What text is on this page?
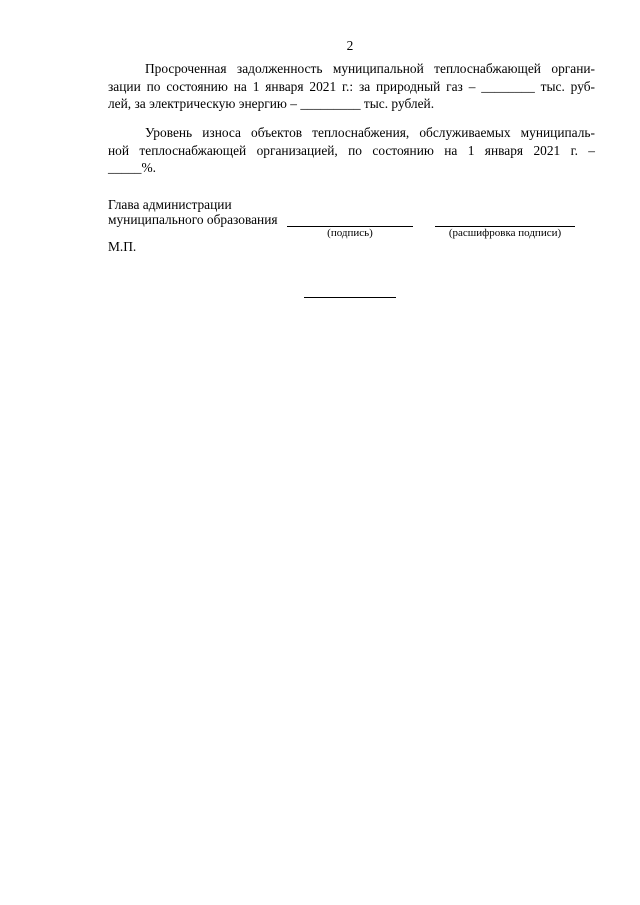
2
Просроченная задолженность муниципальной теплоснабжающей органи-
зации по состоянию на 1 января 2021 г.: за природный газ – ________ тыс. руб-
лей, за электрическую энергию – _________ тыс. рублей.
Уровень износа объектов теплоснабжения, обслуживаемых муниципаль-
ной теплоснабжающей организацией, по состоянию на 1 января 2021 г. –
_____%.
Глава администрации
муниципального образования
(подпись)	(расшифровка подписи)
М.П.
